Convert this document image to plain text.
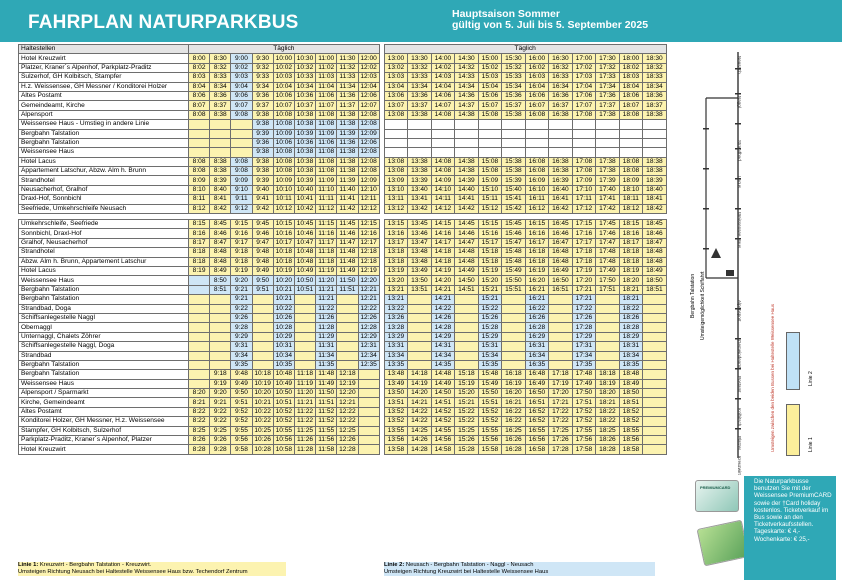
FAHRPLAN NATURPARKBUS	Hauptsaison Sommer
gültig von 5. Juli bis 5. September 2025
Haltestellen	Täglich										Täglich											
Hotel Kreuzwirt	8:00	8:30	9:00	9:30	10:00	10:30	11:00	11:30	12:00		13:00	13:30	14:00	14:30	15:00	15:30	16:00	16:30	17:00	17:30	18:00	18:30
Platzer, Kraner´s Alpenhof, Parkplatz-Praditz	8:02	8:32	9:02	9:32	10:02	10:32	11:02	11:32	12:02		13:02	13:32	14:02	14:32	15:02	15:32	16:02	16:32	17:02	17:32	18:02	18:32
Sulzerhof, GH Kolbitsch, Stampfer	8:03	8:33	9:03	9:33	10:03	10:33	11:03	11:33	12:03		13:03	13:33	14:03	14:33	15:03	15:33	16:03	16:33	17:03	17:33	18:03	18:33
H.z. Weissensee, GH Messner / Konditorei Holzer	8:04	8:34	9:04	9:34	10:04	10:34	11:04	11:34	12:04		13:04	13:34	14:04	14:34	15:04	15:34	16:04	16:34	17:04	17:34	18:04	18:34
Altes Postamt	8:06	8:36	9:06	9:36	10:06	10:36	11:06	11:36	12:06		13:06	13:36	14:06	14:36	15:06	15:36	16:06	16:36	17:06	17:36	18:06	18:36
Gemeindeamt, Kirche	8:07	8:37	9:07	9:37	10:07	10:37	11:07	11:37	12:07		13:07	13:37	14:07	14:37	15:07	15:37	16:07	16:37	17:07	17:37	18:07	18:37
Alpensport	8:08	8:38	9:08	9:38	10:08	10:38	11:08	11:38	12:08		13:08	13:38	14:08	14:38	15:08	15:38	16:08	16:38	17:08	17:38	18:08	18:38
Weissensee Haus - Umstieg in andere Linie				9:38	10:08	10:38	11:08	11:38	12:08													
Bergbahn Talstation				9:39	10:09	10:39	11:09	11:39	12:09													
Bergbahn Talstation				9:36	10:06	10:36	11:06	11:36	12:06													
Weissensee Haus				9:38	10:08	10:38	11:08	11:38	12:08													
Hotel Lacus	8:08	8:38	9:08	9:38	10:08	10:38	11:08	11:38	12:08		13:08	13:38	14:08	14:38	15:08	15:38	16:08	16:38	17:08	17:38	18:08	18:38
Appartement Latschur, Abzw. Alm h. Brunn	8:08	8:38	9:08	9:38	10:08	10:38	11:08	11:38	12:08		13:08	13:38	14:08	14:38	15:08	15:38	16:08	16:38	17:08	17:38	18:08	18:38
Strandhotel	8:09	8:39	9:09	9:39	10:09	10:39	11:09	11:39	12:09		13:09	13:39	14:09	14:39	15:09	15:39	16:09	16:39	17:09	17:39	18:09	18:39
Neusacherhof, Gralhof	8:10	8:40	9:10	9:40	10:10	10:40	11:10	11:40	12:10		13:10	13:40	14:10	14:40	15:10	15:40	16:10	16:40	17:10	17:40	18:10	18:40
Draxl-Hof, Sonnbichl	8:11	8:41	9:11	9:41	10:11	10:41	11:11	11:41	12:11		13:11	13:41	14:11	14:41	15:11	15:41	16:11	16:41	17:11	17:41	18:11	18:41
Seefriede, Umkehrschleife Neusach	8:12	8:42	9:12	9:42	10:12	10:42	11:12	11:42	12:12		13:12	13:42	14:12	14:42	15:12	15:42	16:12	16:42	17:12	17:42	18:12	18:42

Umkehrschleife, Seefriede	8:15	8:45	9:15	9:45	10:15	10:45	11:15	11:45	12:15		13:15	13:45	14:15	14:45	15:15	15:45	16:15	16:45	17:15	17:45	18:15	18:45
Sonnbichl, Draxl-Hof	8:16	8:46	9:16	9:46	10:16	10:46	11:16	11:46	12:16		13:16	13:46	14:16	14:46	15:16	15:46	16:16	16:46	17:16	17:46	18:16	18:46
Gralhof, Neusacherhof	8:17	8:47	9:17	9:47	10:17	10:47	11:17	11:47	12:17		13:17	13:47	14:17	14:47	15:17	15:47	16:17	16:47	17:17	17:47	18:17	18:47
Strandhotel	8:18	8:48	9:18	9:48	10:18	10:48	11:18	11:48	12:18		13:18	13:48	14:18	14:48	15:18	15:48	16:18	16:48	17:18	17:48	18:18	18:48
Abzw. Alm h. Brunn, Appartement Latschur	8:18	8:48	9:18	9:48	10:18	10:48	11:18	11:48	12:18		13:18	13:48	14:18	14:48	15:18	15:48	16:18	16:48	17:18	17:48	18:18	18:48
Hotel Lacus	8:19	8:49	9:19	9:49	10:19	10:49	11:19	11:49	12:19		13:19	13:49	14:19	14:49	15:19	15:49	16:19	16:49	17:19	17:49	18:19	18:49
Weissensee Haus		8:50	9:20	9:50	10:20	10:50	11:20	11:50	12:20		13:20	13:50	14:20	14:50	15:20	15:50	16:20	16:50	17:20	17:50	18:20	18:50
Bergbahn Talstation		8:51	9:21	9:51	10:21	10:51	11:21	11:51	12:21		13:21	13:51	14:21	14:51	15:21	15:51	16:21	16:51	17:21	17:51	18:21	18:51
Bergbahn Talstation			9:21		10:21		11:21		12:21		13:21		14:21		15:21		16:21		17:21		18:21	
Strandbad, Doga			9:22		10:22		11:22		12:22		13:22		14:22		15:22		16:22		17:22		18:22	
Schiffsanlegestelle Naggl			9:26		10:26		11:26		12:26		13:26		14:26		15:26		16:26		17:26		18:26	
Obernaggl			9:28		10:28		11:28		12:28		13:28		14:28		15:28		16:28		17:28		18:28	
Unternaggl, Chalets Zöhrer			9:29		10:29		11:29		12:29		13:29		14:29		15:29		16:29		17:29		18:29	
Schiffsanlegestelle Naggl, Doga			9:31		10:31		11:31		12:31		13:31		14:31		15:31		16:31		17:31		18:31	
Strandbad			9:34		10:34		11:34		12:34		13:34		14:34		15:34		16:34		17:34		18:34	
Bergbahn Talstation			9:35		10:35		11:35		12:35		13:35		14:35		15:35		16:35		17:35		18:35	
Bergbahn Talstation		9:18	9:48	10:18	10:48	11:18	11:48	12:18			13:48	14:18	14:48	15:18	15:48	16:18	16:48	17:18	17:48	18:18	18:48	
Weissensee Haus		9:19	9:49	10:19	10:49	11:19	11:49	12:19			13:49	14:19	14:49	15:19	15:49	16:19	16:49	17:19	17:49	18:19	18:49	
Alpensport / Sparmarkt	8:20	9:20	9:50	10:20	10:50	11:20	11:50	12:20			13:50	14:20	14:50	15:20	15:50	16:20	16:50	17:20	17:50	18:20	18:50	
Kirche, Gemeindeamt	8:21	9:21	9:51	10:21	10:51	11:21	11:51	12:21			13:51	14:21	14:51	15:21	15:51	16:21	16:51	17:21	17:51	18:21	18:51	
Altes Postamt	8:22	9:22	9:52	10:22	10:52	11:22	11:52	12:22			13:52	14:22	14:52	15:22	15:52	16:22	16:52	17:22	17:52	18:22	18:52	
Konditorei Holzer, GH Messner, H.z. Weissensee	8:22	9:22	9:52	10:22	10:52	11:22	11:52	12:22			13:52	14:22	14:52	15:22	15:52	16:22	16:52	17:22	17:52	18:22	18:52	
Stampfer, GH Kolbitsch, Sulzerhof	8:25	9:25	9:55	10:25	10:55	11:25	11:55	12:25			13:55	14:25	14:55	15:25	15:55	16:25	16:55	17:25	17:55	18:25	18:55	
Parkplatz-Praditz, Kraner´s Alpenhof, Platzer	8:26	9:26	9:56	10:26	10:56	11:26	11:56	12:26			13:56	14:26	14:56	15:26	15:56	16:26	16:56	17:26	17:56	18:26	18:56	
Hotel Kreuzwirt	8:28	9:28	9:58	10:28	10:58	11:28	11:58	12:28			13:58	14:28	14:58	15:28	15:58	16:28	16:58	17:28	17:58	18:28	18:58	
Linie 1: Kreuzwirt - Bergbahn Talstation - Kreuzwirt.
Umsteigen Richtung Neusach bei Haltestelle Weissensee Haus bzw. Techendorf Zentrum
Linie 2: Neusach - Bergbahn Talstation - Naggl - Neusach
Umsteigen Richtung Kreuzwirt bei Haltestelle Weissensee Haus
Neusach
Naggl
Strandbad
Lacus
Weissensee Haus
Alpensport
Gemeindeamt
Postamt
Kolbitsch
Platzer
Kreuzwirt
Bergbahn Talstation Umsteigemöglichkeit Schiffahrt
Linie 2
Linie 1
Umsteigen zwischen den beiden Bussen bei Haltestelle Weissensee Haus
PREMIUMCARD
Die Naturparkbusse benutzen Sie mit der Weissensee PremiumCARD sowie der †Card holiday kostenlos. Ticketverkauf im Bus sowie an den Ticketverkaufsstellen.
Tageskarte: € 4,-
Wochenkarte: € 25,-
